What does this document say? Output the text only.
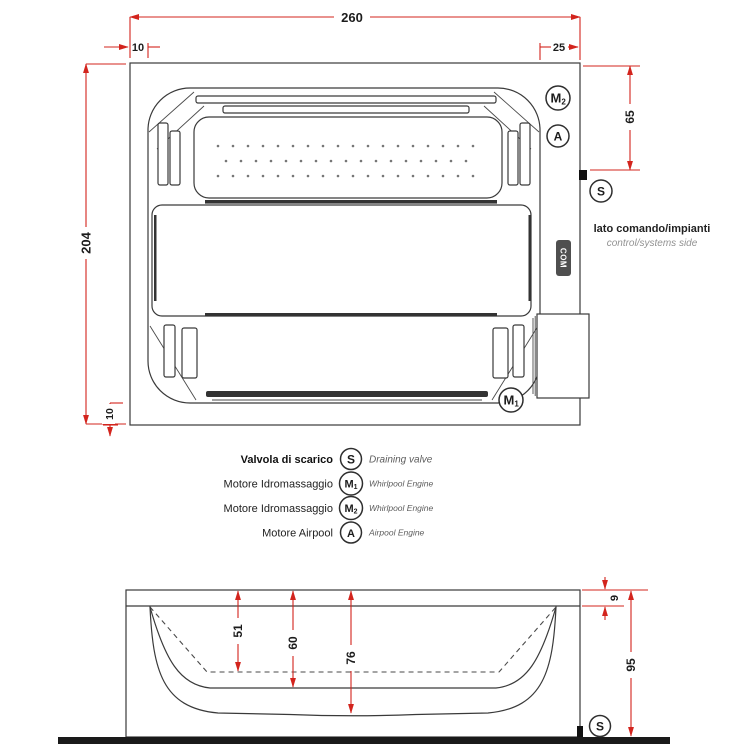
COM
M2
A
S
M1
lato comando/impianti
control/systems side
260
10	25
204
10
65
Valvola di scarico S Draining valve
Motore Idromassaggio M1 Whirlpool Engine
Motore Idromassaggio M2 Whirlpool Engine
Motore Airpool A Airpool Engine
S
51
60
76
9
95
